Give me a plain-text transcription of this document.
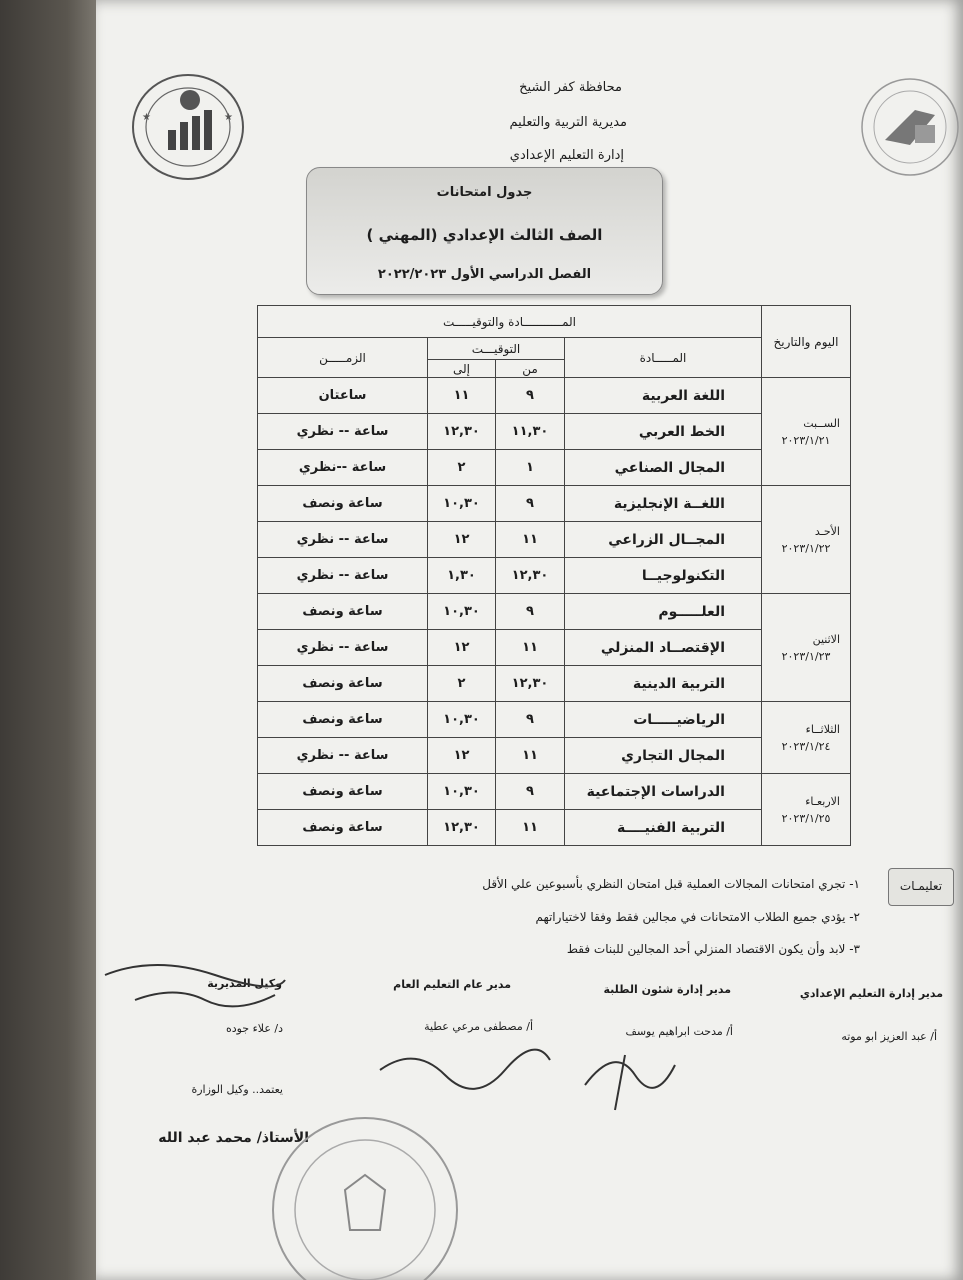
★	★
محافظة كفر الشيخ
مديرية التربية والتعليم
إدارة التعليم الإعدادي
جدول امتحانات
الصف الثالث الإعدادي (المهني )
الفصل الدراسي الأول ٢٠٢٢/٢٠٢٣
اليوم والتاريخ	المـــــــــــادة والتوقيـــــت			
	المـــــادة	التوقيـــت		الزمـــــن
		من	إلى	

الســبت
٢٠٢٣/١/٢١	اللغة العربية	٩	١١	ساعتان
	الخط العربي	١١,٣٠	١٢,٣٠	ساعة -- نظري
	المجال الصناعي	١	٢	ساعة --نظري

الأحـد
٢٠٢٣/١/٢٢	اللغــة الإنجليزية	٩	١٠,٣٠	ساعة ونصف
	المجــال الزراعي	١١	١٢	ساعة -- نظري
	التكنولوجيــا	١٢,٣٠	١,٣٠	ساعة -- نظري

الاثنين
٢٠٢٣/١/٢٣	العلـــــوم	٩	١٠,٣٠	ساعة ونصف
	الإقتصــاد المنزلي	١١	١٢	ساعة -- نظري
	التربية الدينية	١٢,٣٠	٢	ساعة ونصف

الثلاثــاء
٢٠٢٣/١/٢٤	الرياضيـــــات	٩	١٠,٣٠	ساعة ونصف
	المجال التجاري	١١	١٢	ساعة -- نظري

الاربعـاء
٢٠٢٣/١/٢٥	الدراسات الإجتماعية	٩	١٠,٣٠	ساعة ونصف
	التربية الفنيــــة	١١	١٢,٣٠	ساعة ونصف
تعليمـات
١- تجري امتحانات المجالات العملية قبل امتحان النظري بأسبوعين علي الأقل
٢- يؤدي جميع الطلاب الامتحانات في مجالين فقط وفقا لاختياراتهم
٣- لابد وأن يكون الاقتصاد المنزلي أحد المجالين للبنات فقط
مدير إدارة التعليم الإعدادي
مدير إدارة شئون الطلبة
مدير عام التعليم العام
وكيل المديرية
أ/ عبد العزيز ابو موته
أ/ مدحت ابراهيم يوسف
أ/ مصطفى مرعي عطية
د/ علاء جوده
يعتمد.. وكيل الوزارة
الأستاذ/ محمد عبد الله
